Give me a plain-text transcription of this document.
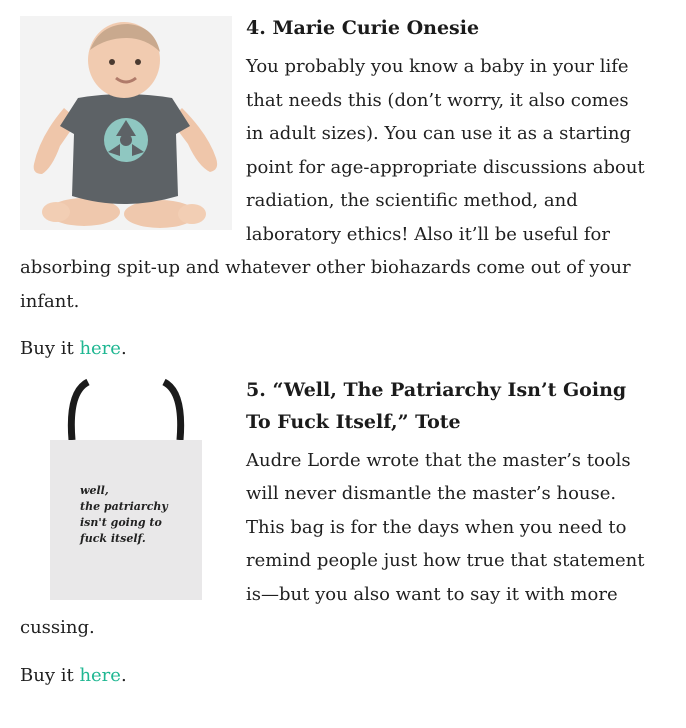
4. Marie Curie Onesie

You probably you know a baby in your life that needs this (don’t worry, it also comes in adult sizes). You can use it as a starting point for age-appropriate discussions about radiation, the scientific method, and laboratory ethics! Also it’ll be useful for absorbing spit-up and whatever other biohazards come out of your infant.

Buy it here.

well,
the patriarchy
isn't going to
fuck itself.
5. “Well, The Patriarchy Isn’t Going To Fuck Itself,” Tote

Audre Lorde wrote that the master’s tools will never dismantle the master’s house. This bag is for the days when you need to remind people just how true that statement is—but you also want to say it with more cussing.

Buy it here.
